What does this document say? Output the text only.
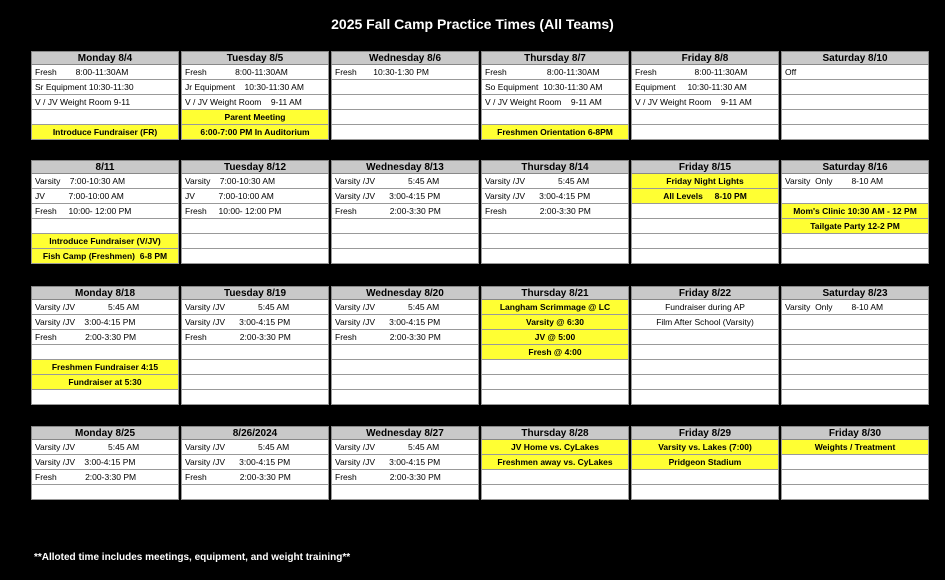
2025 Fall Camp Practice Times (All Teams)
Monday 8/4
Fresh        8:00-11:30AM
Sr Equipment 10:30-11:30
V / JV Weight Room 9-11
Introduce Fundraiser (FR)
Tuesday 8/5
Fresh            8:00-11:30AM
Jr Equipment    10:30-11:30 AM
V / JV Weight Room    9-11 AM
Parent Meeting
6:00-7:00 PM In Auditorium
Wednesday 8/6
Fresh       10:30-1:30 PM
Thursday 8/7
Fresh                 8:00-11:30AM
So Equipment  10:30-11:30 AM
V / JV Weight Room    9-11 AM
Freshmen Orientation 6-8PM
Friday 8/8
Fresh                8:00-11:30AM
Equipment     10:30-11:30 AM
V / JV Weight Room    9-11 AM
Saturday 8/10
Off
8/11
Varsity    7:00-10:30 AM
JV          7:00-10:00 AM
Fresh     10:00- 12:00 PM
Introduce Fundraiser (V/JV)
Fish Camp (Freshmen)  6-8 PM
Tuesday 8/12
Varsity    7:00-10:30 AM
JV          7:00-10:00 AM
Fresh     10:00- 12:00 PM
Wednesday 8/13
Varsity /JV              5:45 AM
Varsity /JV      3:00-4:15 PM
Fresh              2:00-3:30 PM
Thursday 8/14
Varsity /JV              5:45 AM
Varsity /JV      3:00-4:15 PM
Fresh              2:00-3:30 PM
Friday 8/15
Friday Night Lights
All Levels     8-10 PM
Saturday 8/16
Varsity  Only        8-10 AM
Mom's Clinic 10:30 AM - 12 PM
Tailgate Party 12-2 PM
Monday 8/18
Varsity /JV              5:45 AM
Varsity /JV    3:00-4:15 PM
Fresh            2:00-3:30 PM
Freshmen Fundraiser 4:15
Fundraiser at 5:30
Tuesday 8/19
Varsity /JV              5:45 AM
Varsity /JV      3:00-4:15 PM
Fresh              2:00-3:30 PM
Wednesday 8/20
Varsity /JV              5:45 AM
Varsity /JV      3:00-4:15 PM
Fresh              2:00-3:30 PM
Thursday 8/21
Langham Scrimmage @ LC
Varsity @ 6:30
JV @ 5:00
Fresh @ 4:00
Friday 8/22
Fundraiser during AP
Film After School (Varsity)
Saturday 8/23
Varsity  Only        8-10 AM
Monday 8/25
Varsity /JV              5:45 AM
Varsity /JV    3:00-4:15 PM
Fresh            2:00-3:30 PM
8/26/2024
Varsity /JV              5:45 AM
Varsity /JV      3:00-4:15 PM
Fresh              2:00-3:30 PM
Wednesday 8/27
Varsity /JV              5:45 AM
Varsity /JV      3:00-4:15 PM
Fresh              2:00-3:30 PM
Thursday 8/28
JV Home vs. CyLakes
Freshmen away vs. CyLakes
Friday 8/29
Varsity vs. Lakes (7:00)
Pridgeon Stadium
Friday 8/30
Weights / Treatment
**Alloted time includes meetings, equipment, and weight training**
